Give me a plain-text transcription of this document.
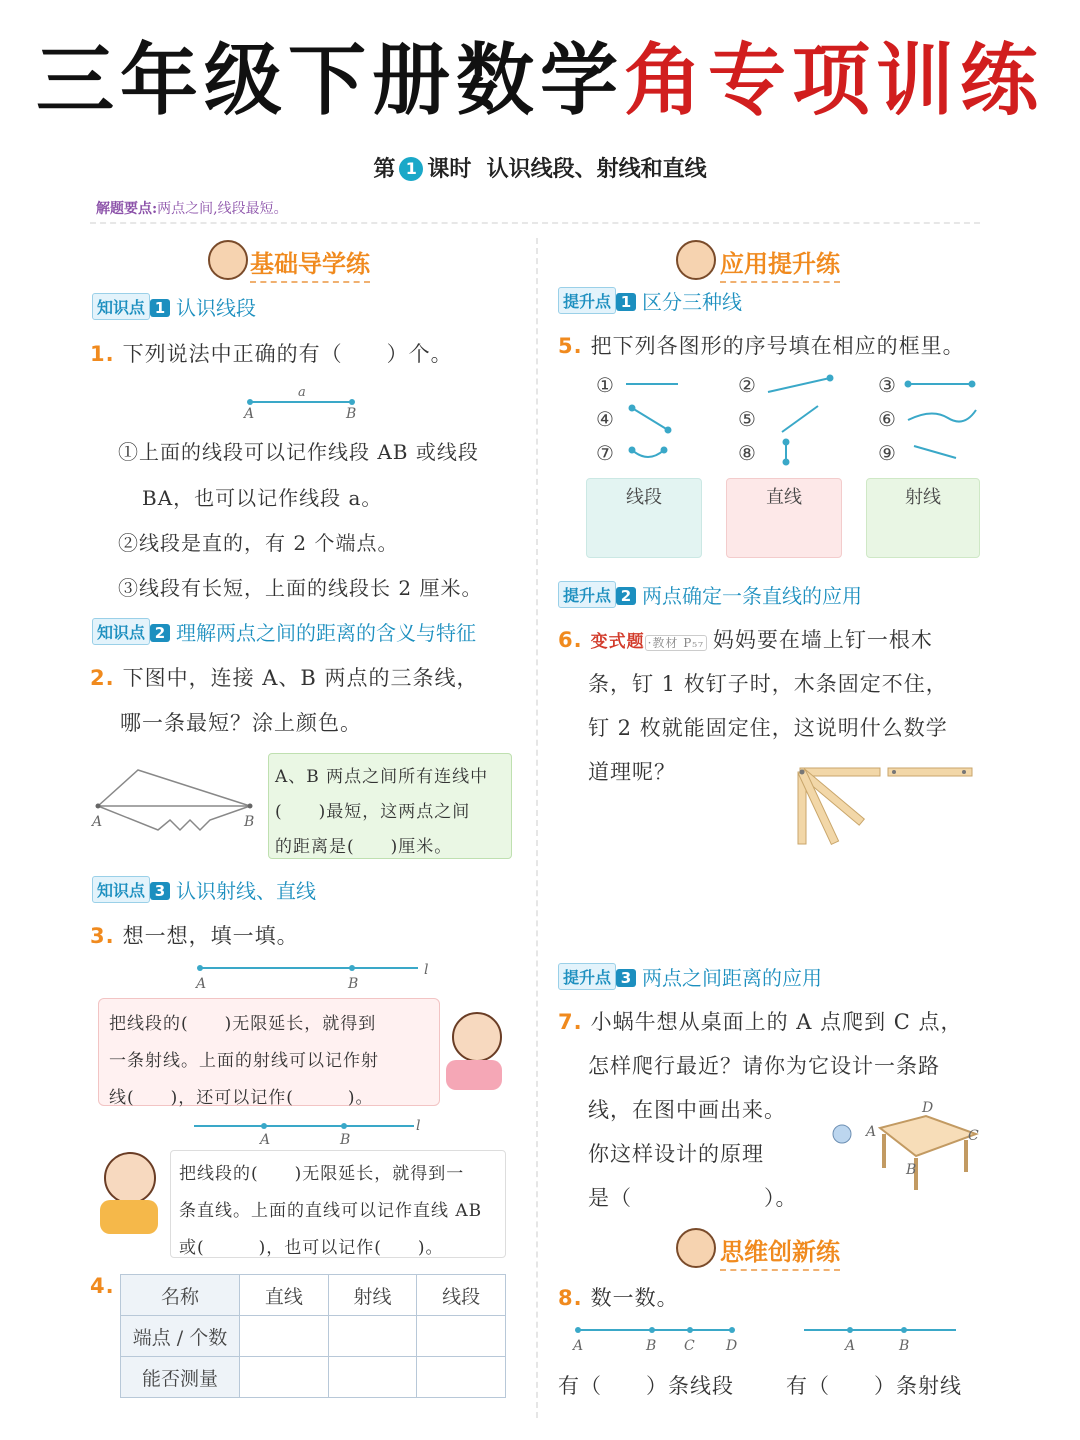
三年级下册数学角专项训练
第 1 课时 认识线段、射线和直线
解题要点:两点之间,线段最短。
基础导学练
知识点 1 认识线段
1. 下列说法中正确的有（　　）个。
a
A	B
①上面的线段可以记作线段 AB 或线段
BA，也可以记作线段 a。
②线段是直的，有 2 个端点。
③线段有长短，上面的线段长 2 厘米。
知识点 2 理解两点之间的距离的含义与特征
2. 下图中，连接 A、B 两点的三条线，
哪一条最短？涂上颜色。
A	B
A、B 两点之间所有连线中
(　　)最短，这两点之间
的距离是(　　)厘米。
知识点 3 认识射线、直线
3. 想一想，填一填。
A	B
l
把线段的(　　)无限延长，就得到
一条射线。上面的射线可以记作射
线(　　)，还可以记作(　　　)。
A	B
l
把线段的(　　)无限延长，就得到一
条直线。上面的直线可以记作直线 AB
或(　　　)，也可以记作(　　)。
4.	名称	直线	射线	线段
端点 / 个数			
能否测量			
应用提升练
提升点 1 区分三种线
5. 把下列各图形的序号填在相应的框里。
①	②	③
④	⑤	⑥
⑦	⑧	⑨
线段	直线	射线
提升点 2 两点确定一条直线的应用
6. 变式题 ·教材 P₅₇ 妈妈要在墙上钉一根木
条，钉 1 枚钉子时，木条固定不住，
钉 2 枚就能固定住，这说明什么数学
道理呢？
提升点 3 两点之间距离的应用
7. 小蜗牛想从桌面上的 A 点爬到 C 点，
怎样爬行最近？请你为它设计一条路
线，在图中画出来。
你这样设计的原理
是（　　　　　　）。
A
B
C
D
思维创新练
8. 数一数。
A	B C D	A	B
有（　　）条线段 有（　　）条射线
